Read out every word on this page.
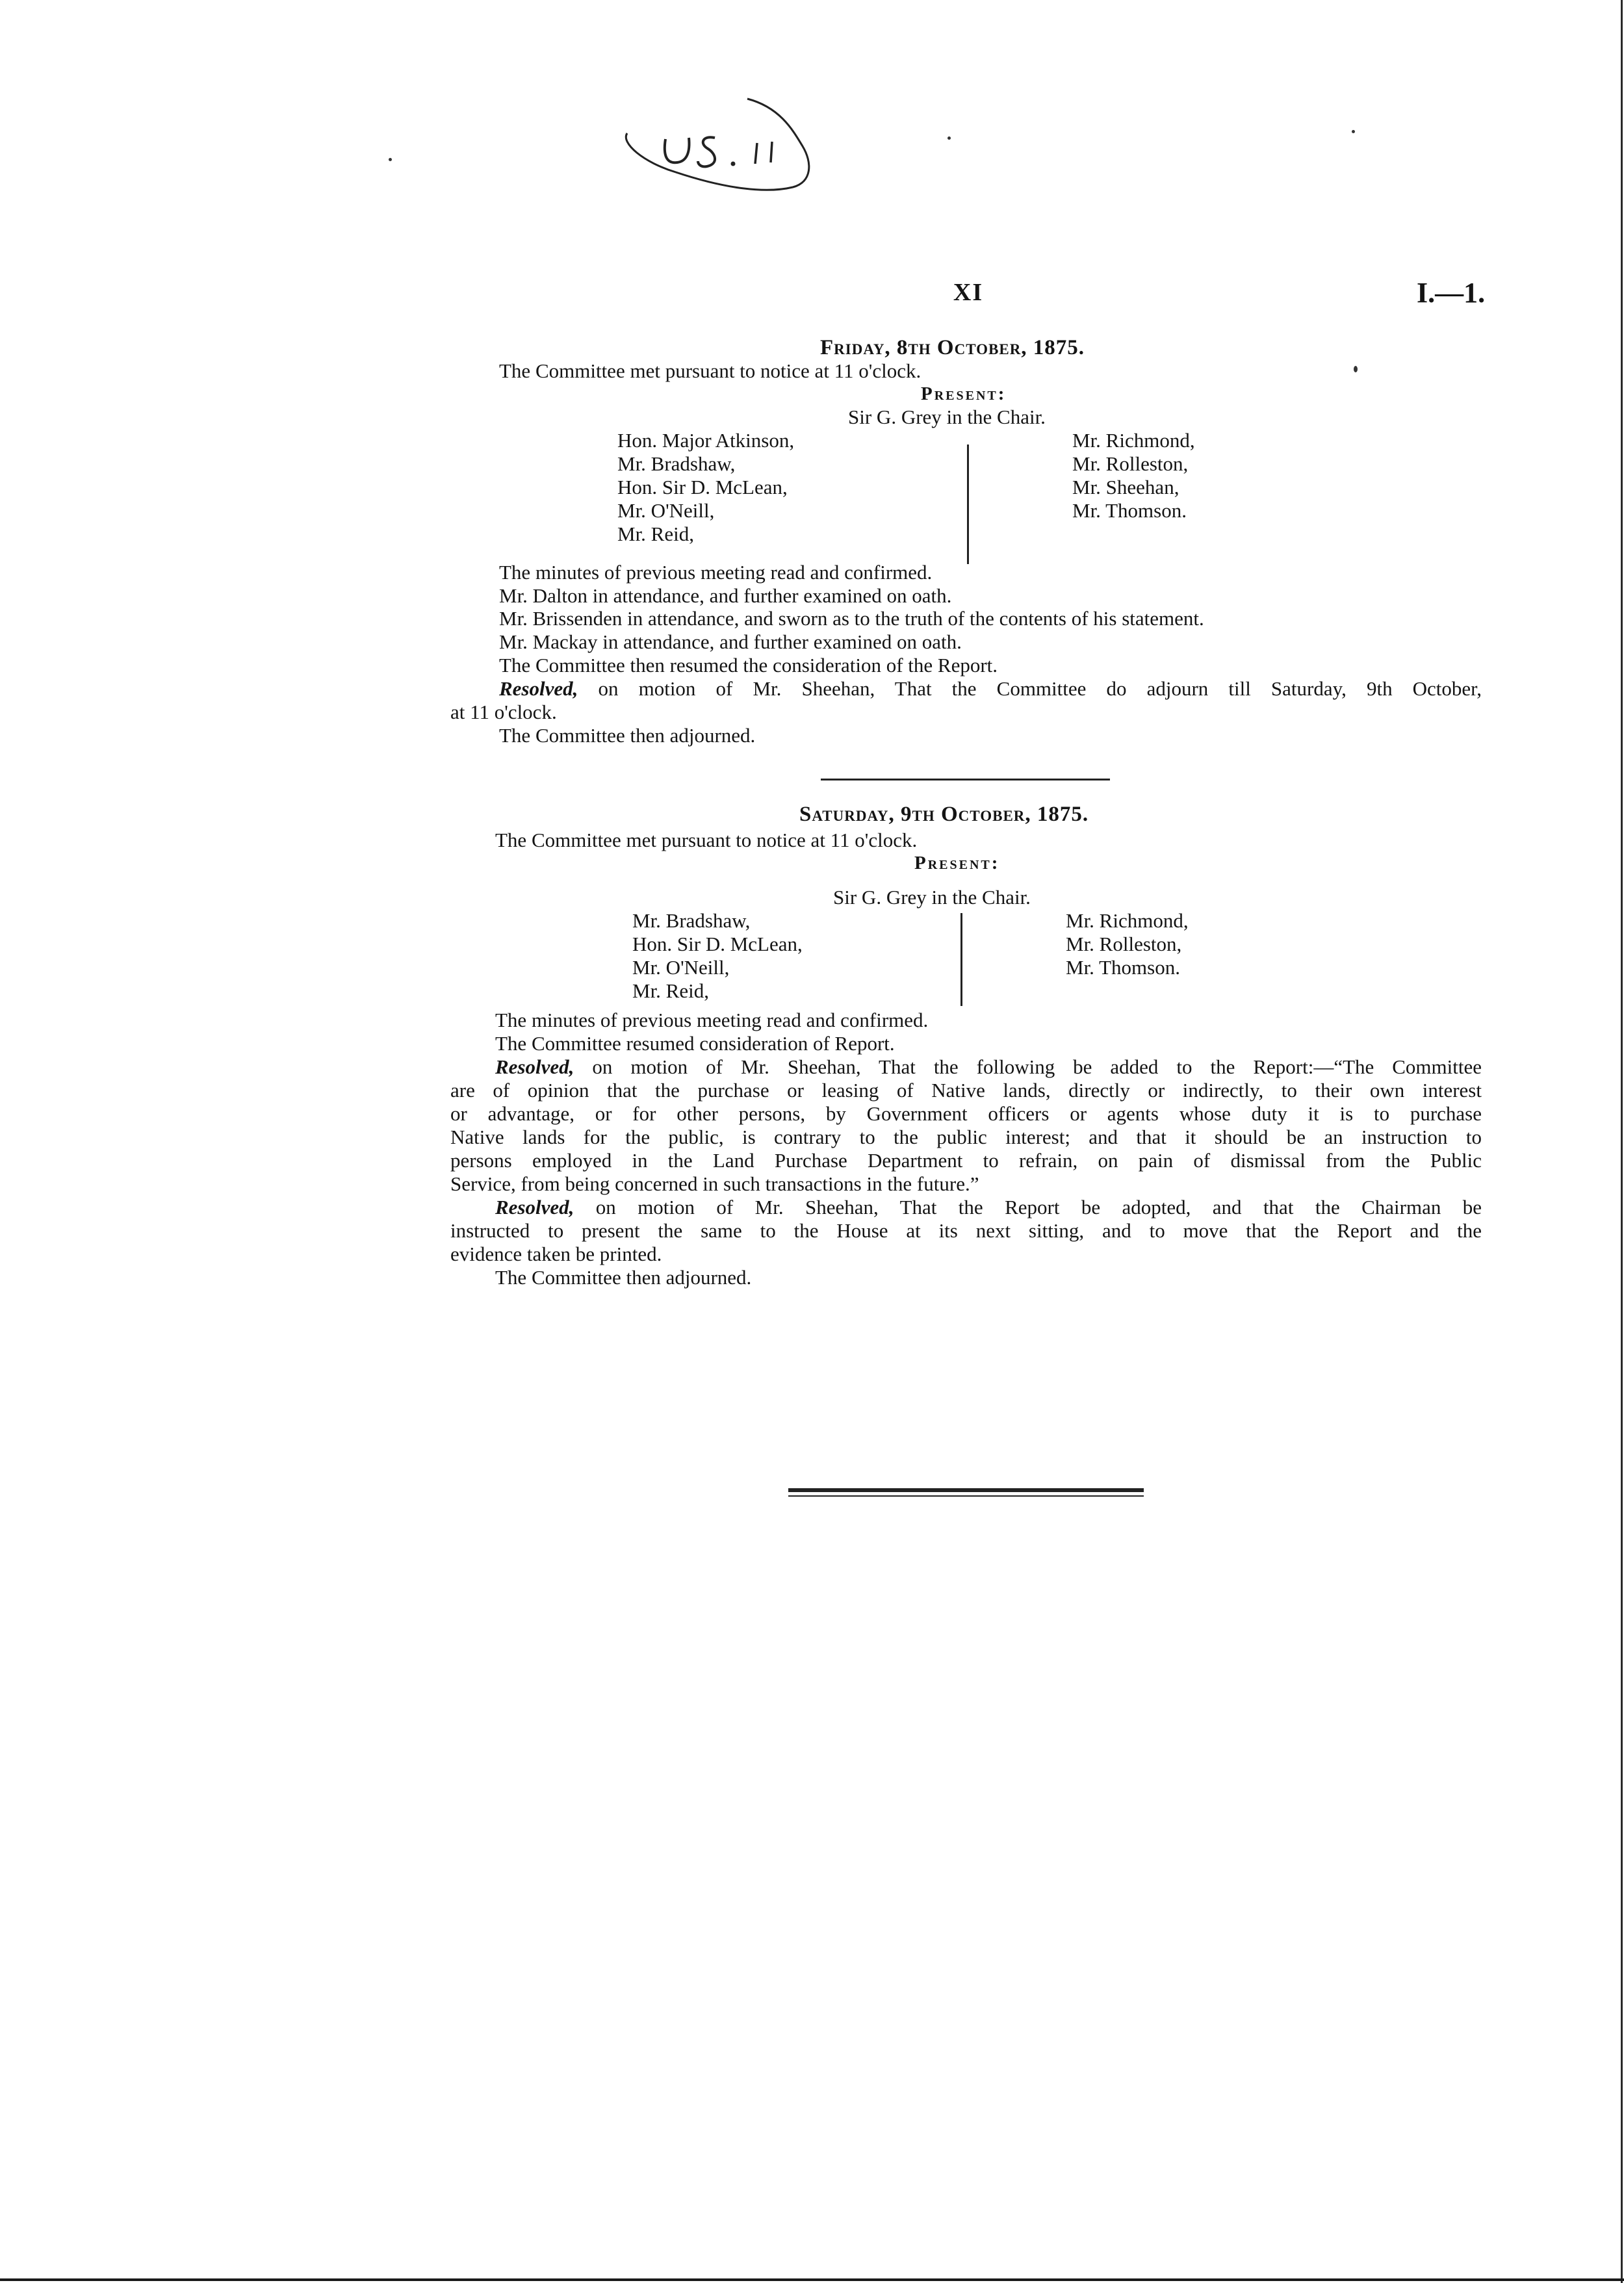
XI	I.—1.
Friday, 8th October, 1875.
The Committee met pursuant to notice at 11 o'clock.
Present:
Sir G. Grey in the Chair.
Hon. Major Atkinson,
Mr. Bradshaw,
Hon. Sir D. McLean,
Mr. O'Neill,
Mr. Reid,
Mr. Richmond,
Mr. Rolleston,
Mr. Sheehan,
Mr. Thomson.
The minutes of previous meeting read and confirmed.
Mr. Dalton in attendance, and further examined on oath.
Mr. Brissenden in attendance, and sworn as to the truth of the contents of his statement.
Mr. Mackay in attendance, and further examined on oath.
The Committee then resumed the consideration of the Report.
Resolved, on motion of Mr. Sheehan, That the Committee do adjourn till Saturday, 9th October,
at 11 o'clock.
The Committee then adjourned.
Saturday, 9th October, 1875.
The Committee met pursuant to notice at 11 o'clock.
Present:
Sir G. Grey in the Chair.
Mr. Bradshaw,
Hon. Sir D. McLean,
Mr. O'Neill,
Mr. Reid,
Mr. Richmond,
Mr. Rolleston,
Mr. Thomson.
The minutes of previous meeting read and confirmed.
The Committee resumed consideration of Report.
Resolved, on motion of Mr. Sheehan, That the following be added to the Report:—“The Committee
are of opinion that the purchase or leasing of Native lands, directly or indirectly, to their own interest
or advantage, or for other persons, by Government officers or agents whose duty it is to purchase
Native lands for the public, is contrary to the public interest; and that it should be an instruction to
persons employed in the Land Purchase Department to refrain, on pain of dismissal from the Public
Service, from being concerned in such transactions in the future.”
Resolved, on motion of Mr. Sheehan, That the Report be adopted, and that the Chairman be
instructed to present the same to the House at its next sitting, and to move that the Report and the
evidence taken be printed.
The Committee then adjourned.
